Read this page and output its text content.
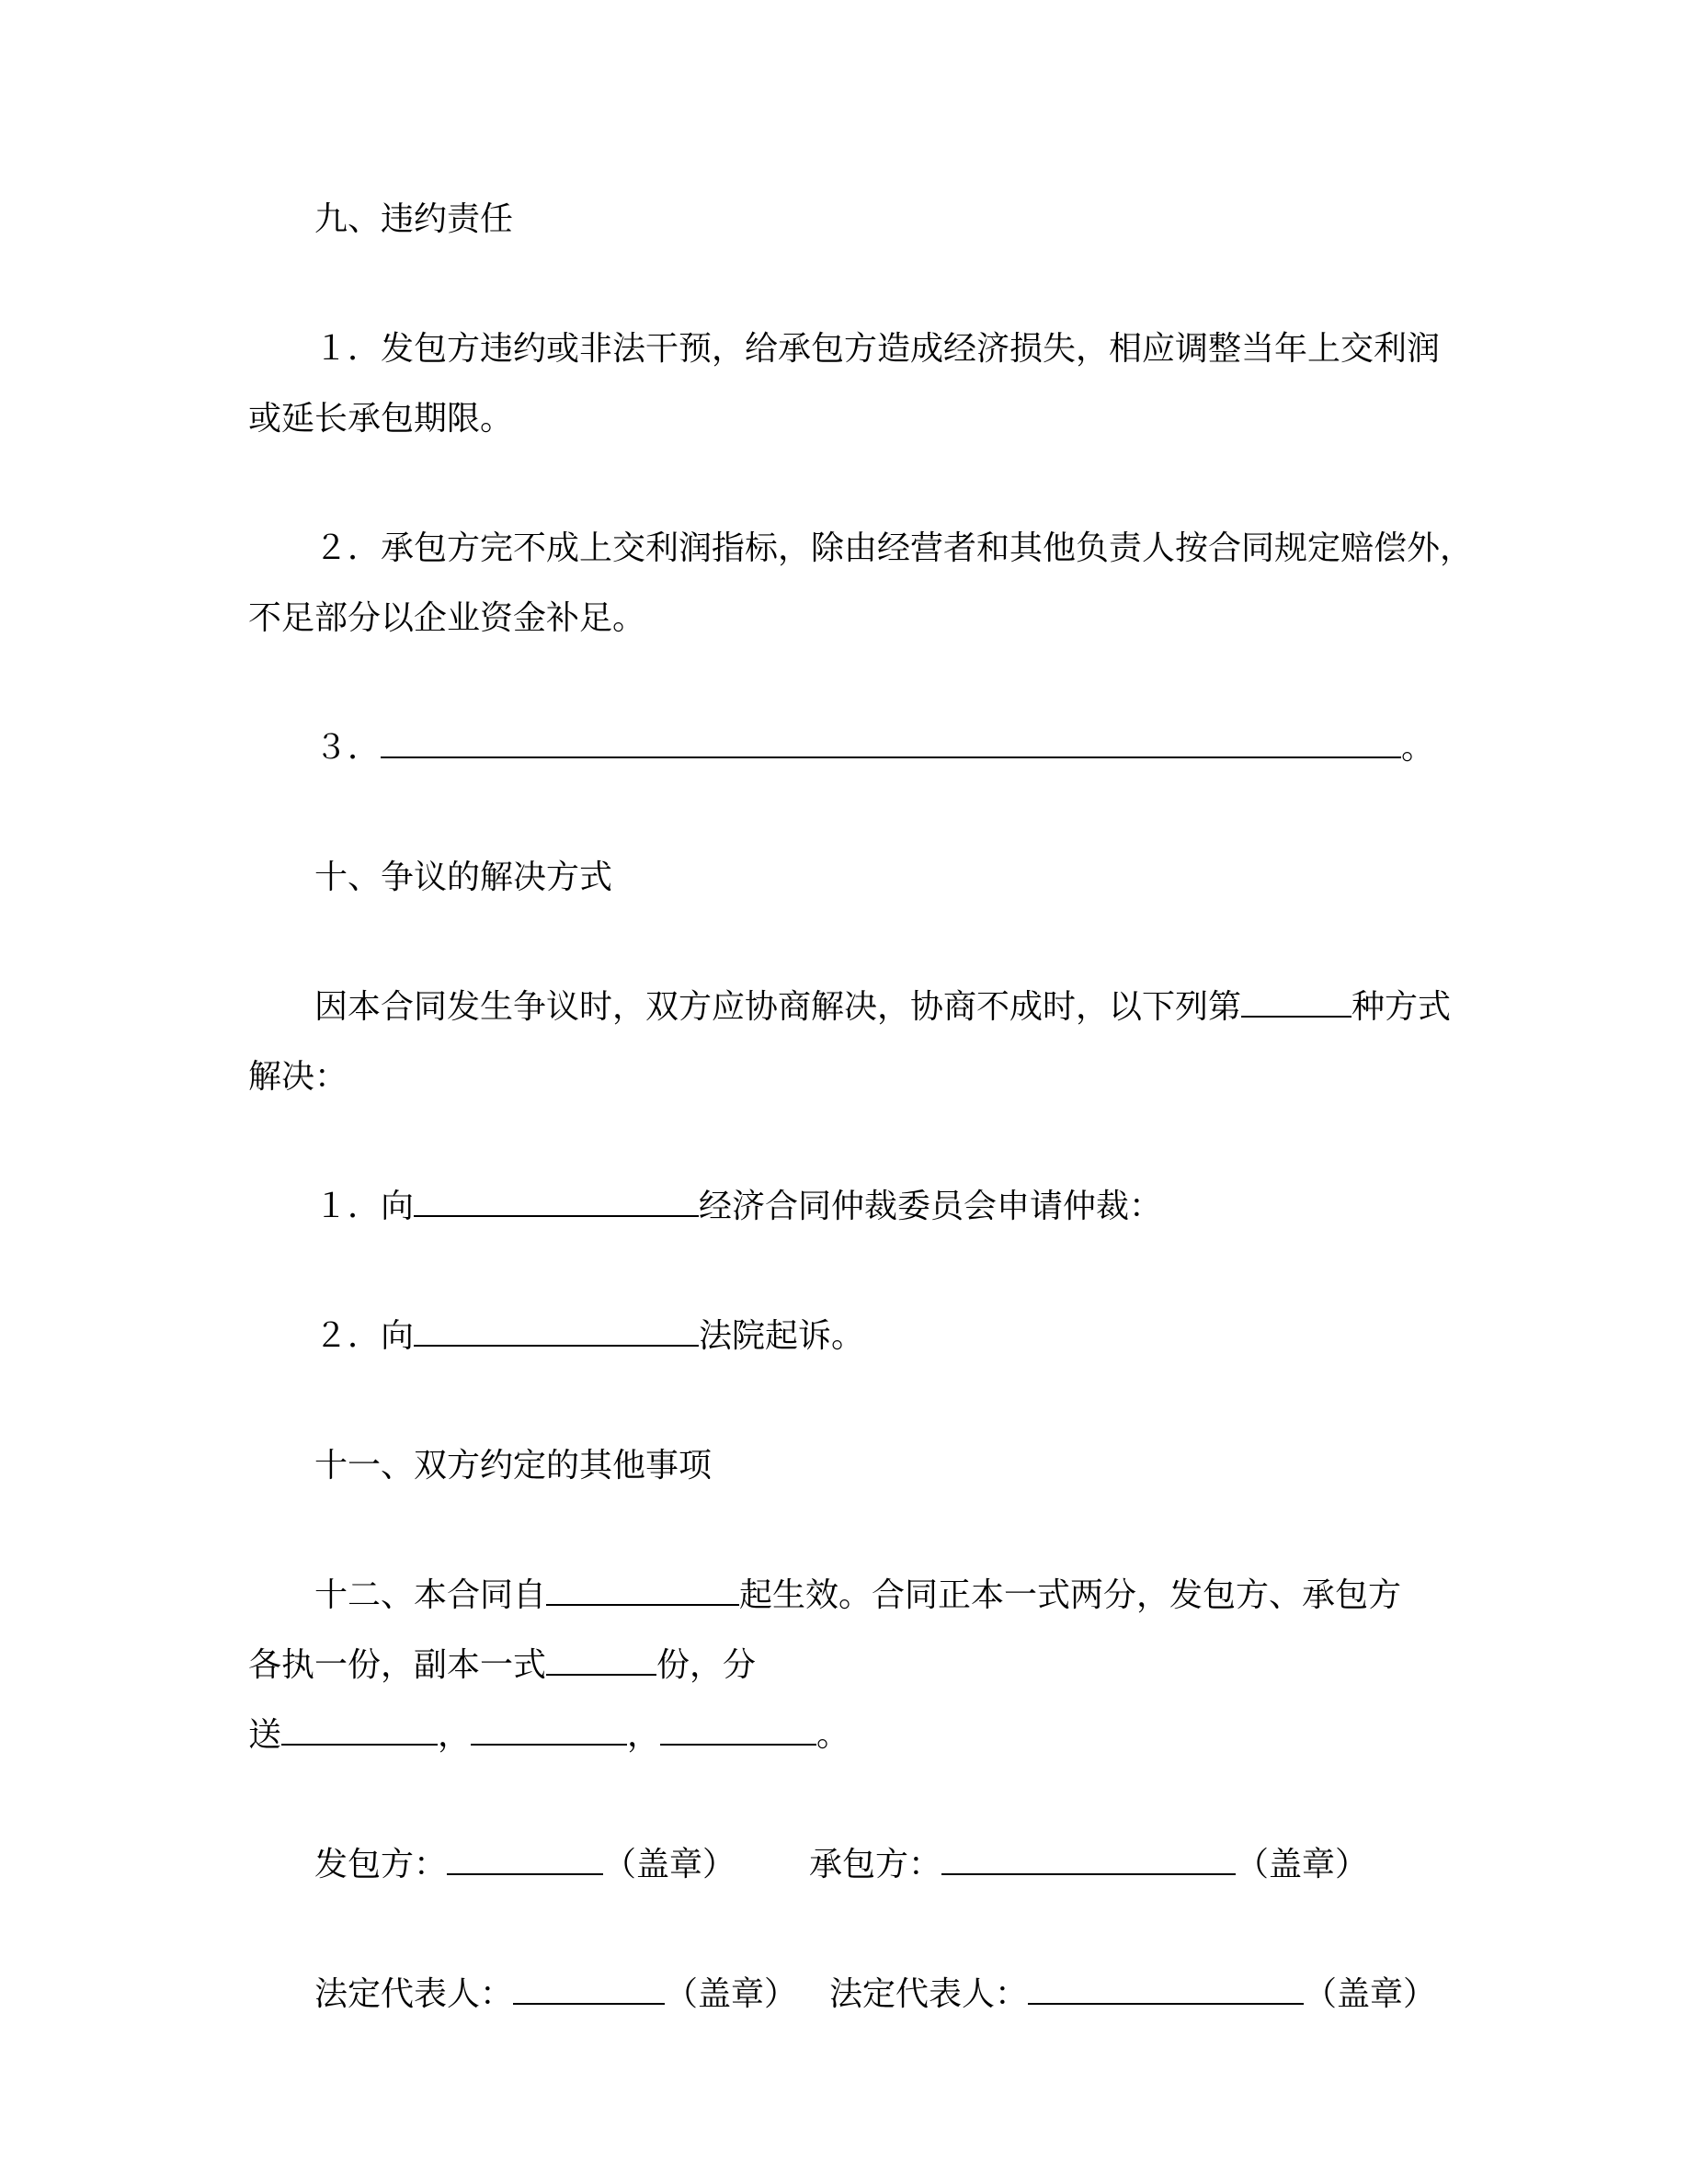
九、违约责任

１．发包方违约或非法干预，给承包方造成经济损失，相应调整当年上交利润
或延长承包期限。

２．承包方完不成上交利润指标，除由经营者和其他负责人按合同规定赔偿外，
不足部分以企业资金补足。

３．	。

十、争议的解决方式

因本合同发生争议时，双方应协商解决，协商不成时，以下列第	种方式
解决：

１．向	经济合同仲裁委员会申请仲裁：

２．向	法院起诉。

十一、双方约定的其他事项

十二、本合同自	起生效。合同正本一式两分，发包方、承包方
各执一份，副本一式	份，分
送	，	，	。

发包方：	（盖章） 承包方：	（盖章）

法定代表人：	（盖章） 法定代表人：	（盖章）
